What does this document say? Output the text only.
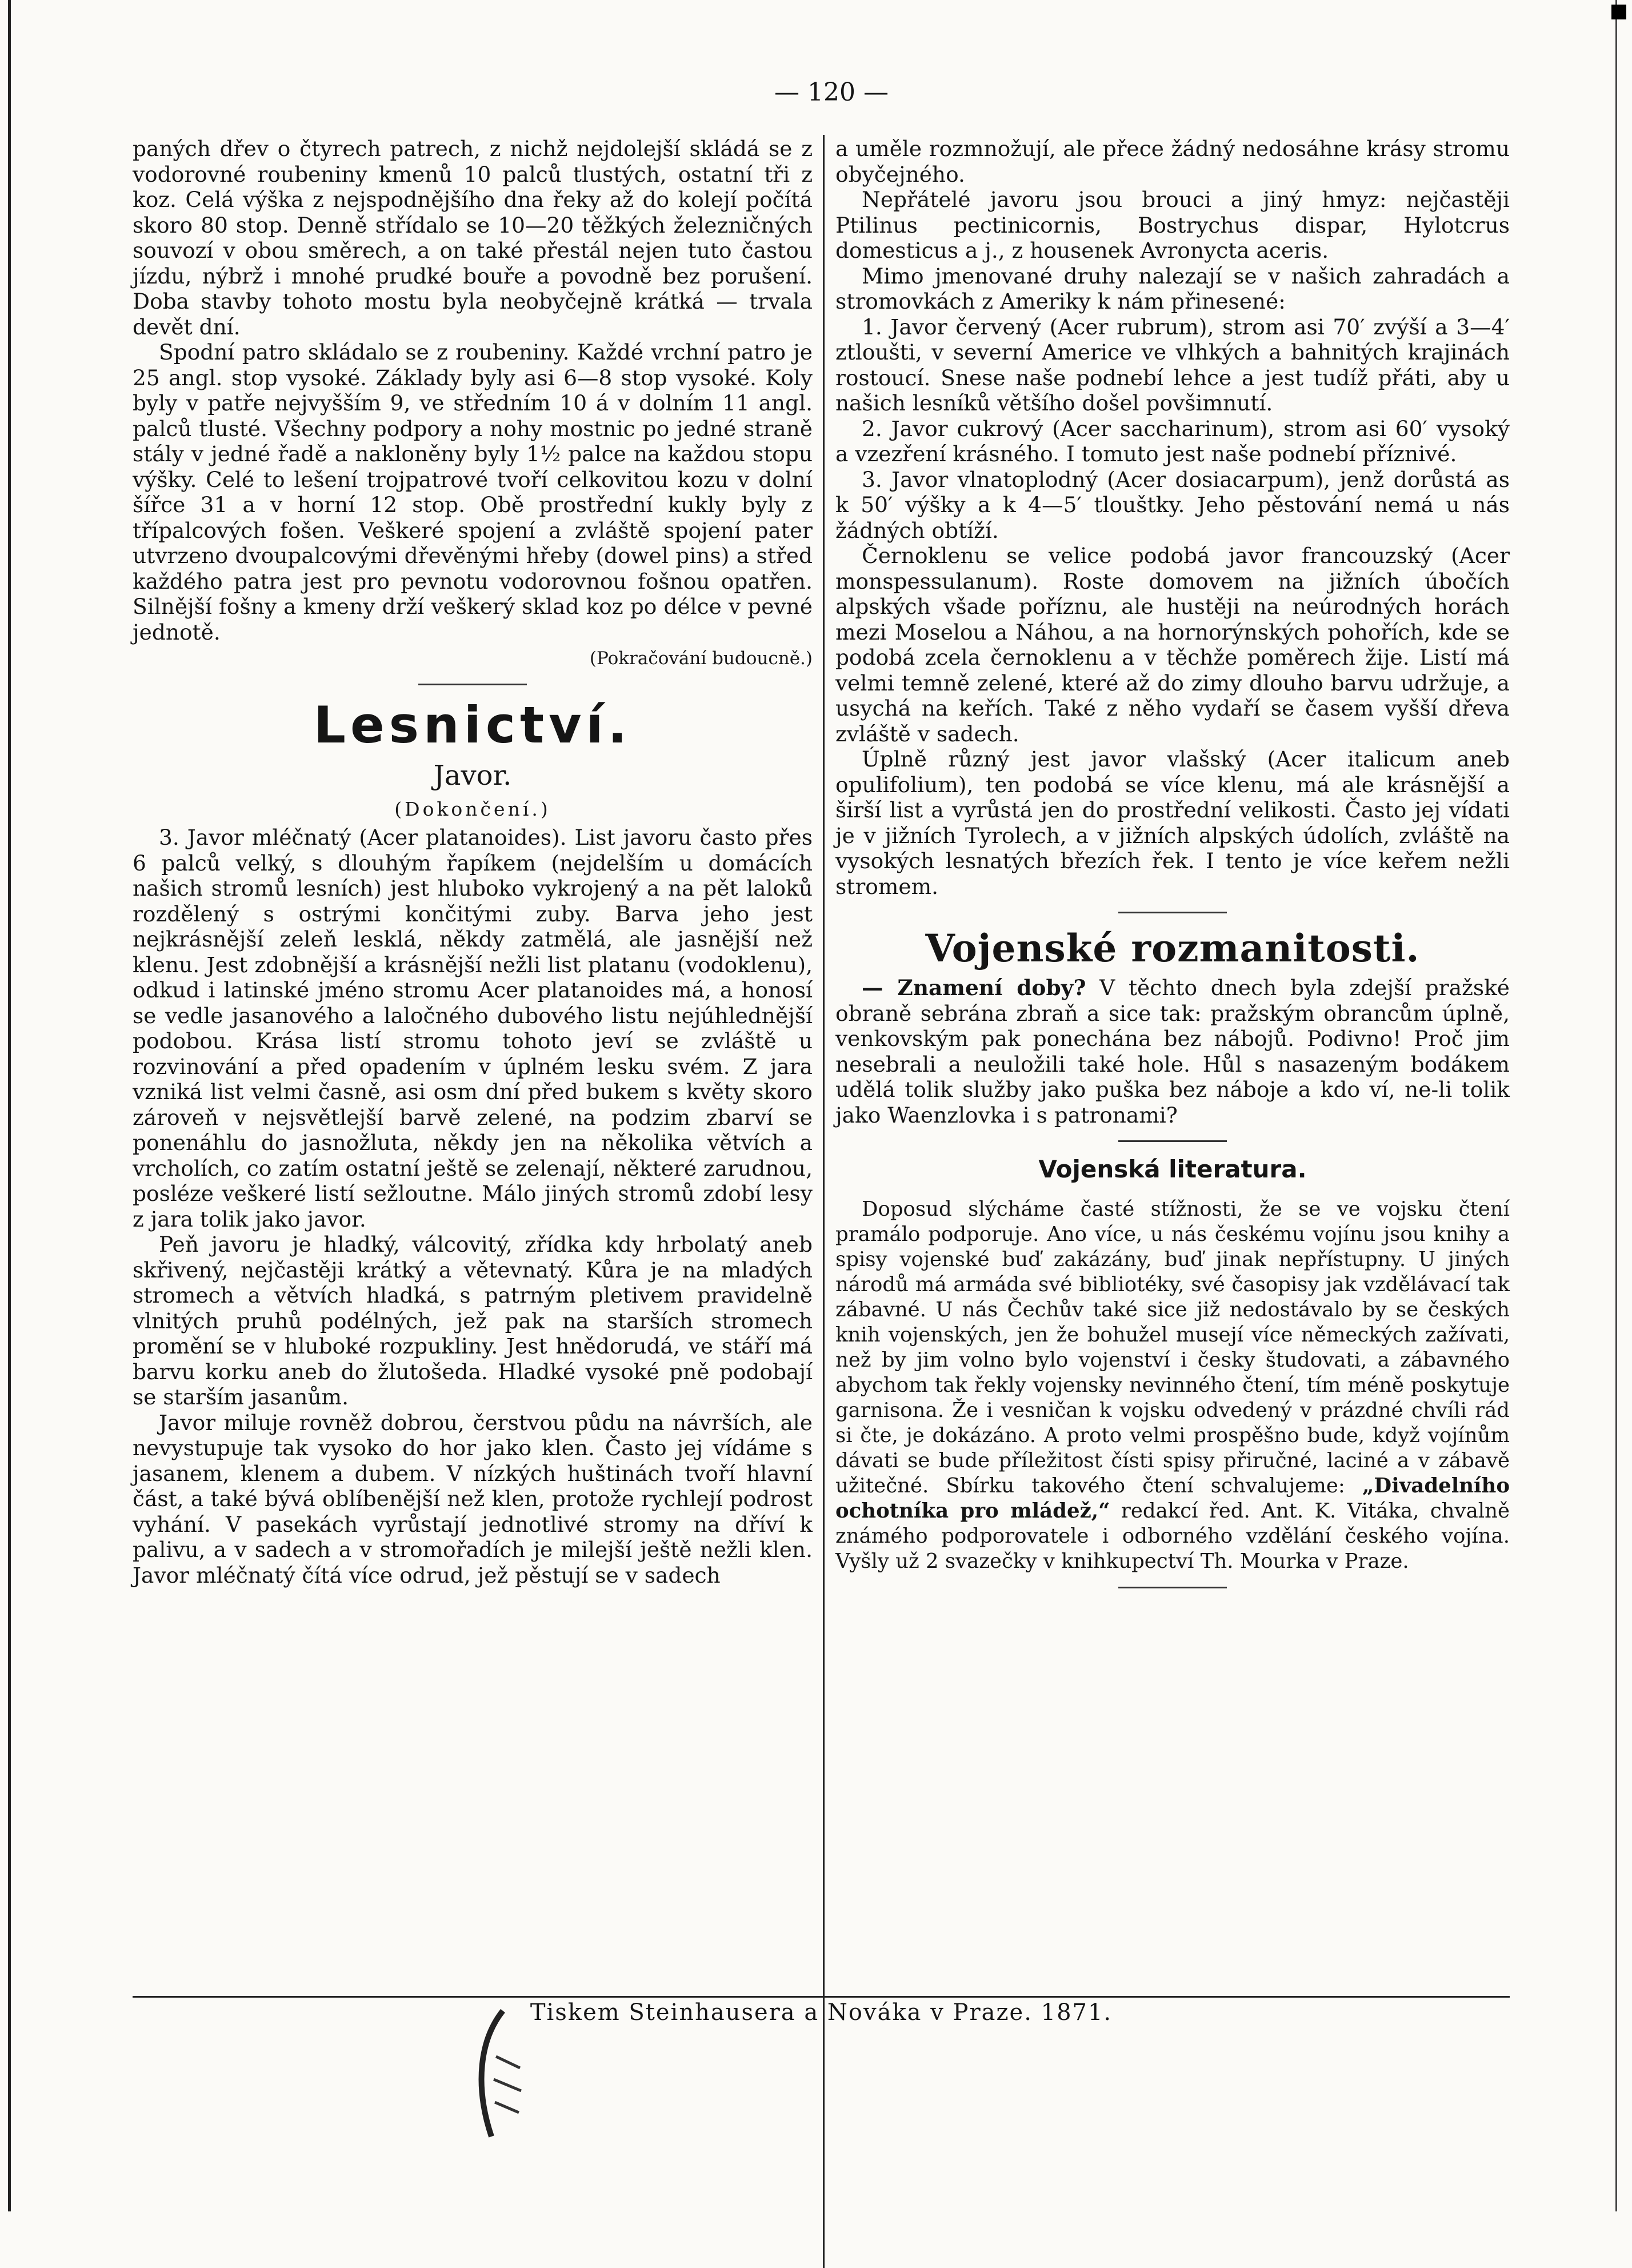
— 120 —

paných dřev o čtyrech patrech, z nichž nejdolejší skládá se z vodorovné roubeniny kmenů 10 palců tlustých, ostatní tři z koz. Celá výška z nejspodnějšího dna řeky až do kolejí počítá skoro 80 stop. Denně střídalo se 10—20 těžkých železničných souvozí v obou směrech, a on také přestál nejen tuto častou jízdu, nýbrž i mnohé prudké bouře a povodně bez porušení. Doba stavby tohoto mostu byla neobyčejně krátká — trvala devět dní.

Spodní patro skládalo se z roubeniny. Každé vrchní patro je 25 angl. stop vysoké. Základy byly asi 6—8 stop vysoké. Koly byly v patře nejvyšším 9, ve středním 10 á v dolním 11 angl. palců tlusté. Všechny podpory a nohy mostnic po jedné straně stály v jedné řadě a nakloněny byly 1½ palce na každou stopu výšky. Celé to lešení trojpatrové tvoří celkovitou kozu v dolní šířce 31 a v horní 12 stop. Obě prostřední kukly byly z třípalcových fošen. Veškeré spojení a zvláště spojení pater utvrzeno dvoupalcovými dřevěnými hřeby (dowel pins) a střed každého patra jest pro pevnotu vodorovnou fošnou opatřen. Silnější fošny a kmeny drží veškerý sklad koz po délce v pevné jednotě.

(Pokračování budoucně.)
Lesnictví.
Javor.
(Dokončení.)

3. Javor mléčnatý (Acer platanoides). List javoru často přes 6 palců velký, s dlouhým řapíkem (nejdelším u domácích našich stromů lesních) jest hluboko vykrojený a na pět laloků rozdělený s ostrými končitými zuby. Barva jeho jest nejkrásnější zeleň lesklá, někdy zatmělá, ale jasnější než klenu. Jest zdobnější a krásnější nežli list platanu (vodoklenu), odkud i latinské jméno stromu Acer platanoides má, a honosí se vedle jasanového a laločného dubového listu nejúhlednější podobou. Krása listí stromu tohoto jeví se zvláště u rozvinování a před opadením v úplném lesku svém. Z jara vzniká list velmi časně, asi osm dní před bukem s květy skoro zároveň v nejsvětlejší barvě zelené, na podzim zbarví se ponenáhlu do jasnožluta, někdy jen na několika větvích a vrcholích, co zatím ostatní ještě se zelenají, některé zarudnou, posléze veškeré listí sežloutne. Málo jiných stromů zdobí lesy z jara tolik jako javor.

Peň javoru je hladký, válcovitý, zřídka kdy hrbolatý aneb skřivený, nejčastěji krátký a větevnatý. Kůra je na mladých stromech a větvích hladká, s patrným pletivem pravidelně vlnitých pruhů podélných, jež pak na starších stromech promění se v hluboké rozpukliny. Jest hnědorudá, ve stáří má barvu korku aneb do žlutošeda. Hladké vysoké pně podobají se starším jasanům.

Javor miluje rovněž dobrou, čerstvou půdu na návrších, ale nevystupuje tak vysoko do hor jako klen. Často jej vídáme s jasanem, klenem a dubem. V nízkých huštinách tvoří hlavní část, a také bývá oblíbenější než klen, protože rychlejí podrost vyhání. V pasekách vyrůstají jednotlivé stromy na dříví k palivu, a v sadech a v stromořadích je milejší ještě nežli klen. Javor mléčnatý čítá více odrud, jež pěstují se v sadech

a uměle rozmnožují, ale přece žádný nedosáhne krásy stromu obyčejného.

Nepřátelé javoru jsou brouci a jiný hmyz: nejčastěji Ptilinus pectinicornis, Bostrychus dispar, Hylotcrus domesticus a j., z housenek Avronycta aceris.

Mimo jmenované druhy nalezají se v našich zahradách a stromovkách z Ameriky k nám přinesené:

1. Javor červený (Acer rubrum), strom asi 70′ zvýší a 3—4′ ztloušti, v severní Americe ve vlhkých a bahnitých krajinách rostoucí. Snese naše podnebí lehce a jest tudíž přáti, aby u našich lesníků většího došel povšimnutí.

2. Javor cukrový (Acer saccharinum), strom asi 60′ vysoký a vzezření krásného. I tomuto jest naše podnebí příznivé.

3. Javor vlnatoplodný (Acer dosiacarpum), jenž dorůstá as k 50′ výšky a k 4—5′ tlouštky. Jeho pěstování nemá u nás žádných obtíží.

Černoklenu se velice podobá javor francouzský (Acer monspessulanum). Roste domovem na jižních úbočích alpských všade poříznu, ale hustěji na neúrodných horách mezi Moselou a Náhou, a na hornorýnských pohořích, kde se podobá zcela černoklenu a v těchže poměrech žije. Listí má velmi temně zelené, které až do zimy dlouho barvu udržuje, a usychá na keřích. Také z něho vydaří se časem vyšší dřeva zvláště v sadech.

Úplně různý jest javor vlašský (Acer italicum aneb opulifolium), ten podobá se více klenu, má ale krásnější a širší list a vyrůstá jen do prostřední velikosti. Často jej vídati je v jižních Tyrolech, a v jižních alpských údolích, zvláště na vysokých lesnatých březích řek. I tento je více keřem nežli stromem.

Vojenské rozmanitosti.

— Znamení doby? V těchto dnech byla zdejší pražské obraně sebrána zbraň a sice tak: pražským obrancům úplně, venkovským pak ponechána bez nábojů. Podivno! Proč jim nesebrali a neuložili také hole. Hůl s nasazeným bodákem udělá tolik služby jako puška bez náboje a kdo ví, ne-li tolik jako Waenzlovka i s patronami?

Vojenská literatura.

Doposud slýcháme časté stížnosti, že se ve vojsku čtení pramálo podporuje. Ano více, u nás českému vojínu jsou knihy a spisy vojenské buď zakázány, buď jinak nepřístupny. U jiných národů má armáda své bibliotéky, své časopisy jak vzdělávací tak zábavné. U nás Čechův také sice již nedostávalo by se českých knih vojenských, jen že bohužel musejí více německých zažívati, než by jim volno bylo vojenství i česky študovati, a zábavného abychom tak řekly vojensky nevinného čtení, tím méně poskytuje garnisona. Že i vesničan k vojsku odvedený v prázdné chvíli rád si čte, je dokázáno. A proto velmi prospěšno bude, když vojínům dávati se bude příležitost čísti spisy přiručné, laciné a v zábavě užitečné. Sbírku takového čtení schvalujeme: „Divadelního ochotníka pro mládež,“ redakcí řed. Ant. K. Vitáka, chvalně známého podporovatele i odborného vzdělání českého vojína. Vyšly už 2 svazečky v knihkupectví Th. Mourka v Praze.

Tiskem Steinhausera a Nováka v Praze. 1871.
